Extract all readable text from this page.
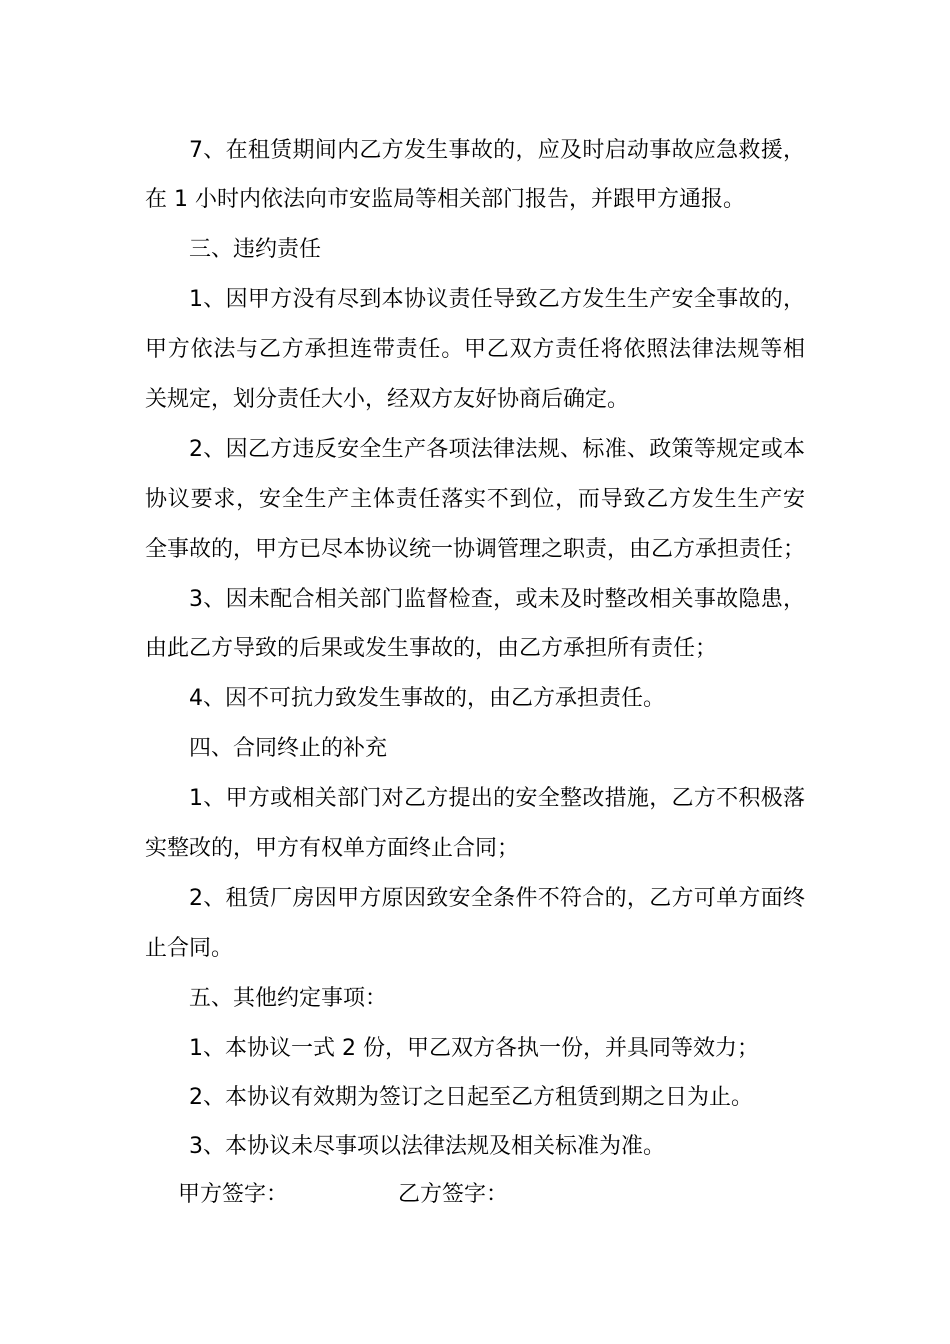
7、在租赁期间内乙方发生事故的，应及时启动事故应急救援，
在 1 小时内依法向市安监局等相关部门报告，并跟甲方通报。
三、违约责任
1、因甲方没有尽到本协议责任导致乙方发生生产安全事故的，
甲方依法与乙方承担连带责任。甲乙双方责任将依照法律法规等相
关规定，划分责任大小，经双方友好协商后确定。
2、因乙方违反安全生产各项法律法规、标准、政策等规定或本
协议要求，安全生产主体责任落实不到位，而导致乙方发生生产安
全事故的，甲方已尽本协议统一协调管理之职责，由乙方承担责任；
3、因未配合相关部门监督检查，或未及时整改相关事故隐患，
由此乙方导致的后果或发生事故的，由乙方承担所有责任；
4、因不可抗力致发生事故的，由乙方承担责任。
四、合同终止的补充
1、甲方或相关部门对乙方提出的安全整改措施，乙方不积极落
实整改的，甲方有权单方面终止合同；
2、租赁厂房因甲方原因致安全条件不符合的，乙方可单方面终
止合同。
五、其他约定事项：
1、本协议一式 2 份，甲乙双方各执一份，并具同等效力；
2、本协议有效期为签订之日起至乙方租赁到期之日为止。
3、本协议未尽事项以法律法规及相关标准为准。
甲方签字：	乙方签字：
